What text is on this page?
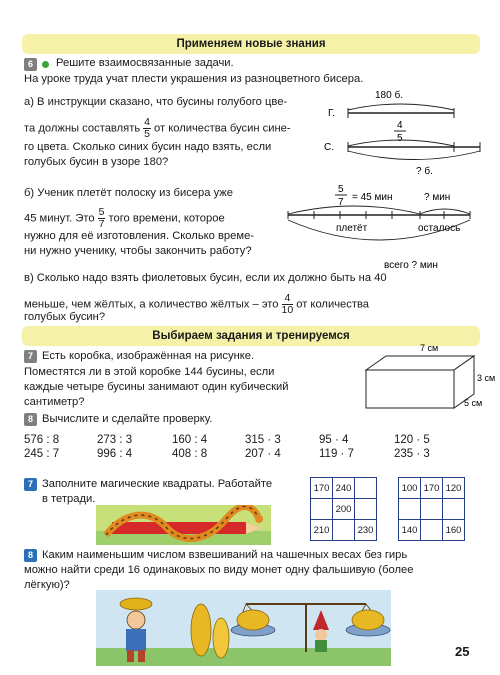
Применяем новые знания
6	Решите взаимосвязанные задачи.
На уроке труда учат плести украшения из разноцветного бисера.
а) В инструкции сказано, что бусины голубого цве-
та должны составлять $\frac{4}{5}$ от количества бусин сине-
го цвета. Сколько синих бусин надо взять, если
голубых бусин в узоре 180?
180 б.
Г.
4
5
С.
? б.
б) Ученик плетёт полоску из бисера уже
45 минут. Это $\frac{5}{7}$ того времени, которое
нужно для её изготовления. Сколько време-
ни нужно ученику, чтобы закончить работу?
5
7 = 45 мин	? мин
плетёт	осталось
всего ? мин
в) Сколько надо взять фиолетовых бусин, если их должно быть на 40
меньше, чем жёлтых, а количество жёлтых – это $\frac{4}{10}$ от количества
голубых бусин?
Выбираем задания и тренируемся
7 Есть коробка, изображённая на рисунке.
Поместятся ли в этой коробке 144 бусины, если
каждые четыре бусины занимают один кубический
сантиметр?
7 см
3 см
5 см
8 Вычислите и сделайте проверку.
576 : 8	273 : 3	160 : 4	315 · 3	95 · 4	120 · 5
245 : 7	996 : 4	408 : 8	207 · 4	119 · 7	235 · 3
7 Заполните магические квадраты. Работайте
в тетради.
170	240	
	200	
210		230
100	170	120

140		160
8 Каким наименьшим числом взвешиваний на чашечных весах без гирь
можно найти среди 16 одинаковых по виду монет одну фальшивую (более
лёгкую)?
25
